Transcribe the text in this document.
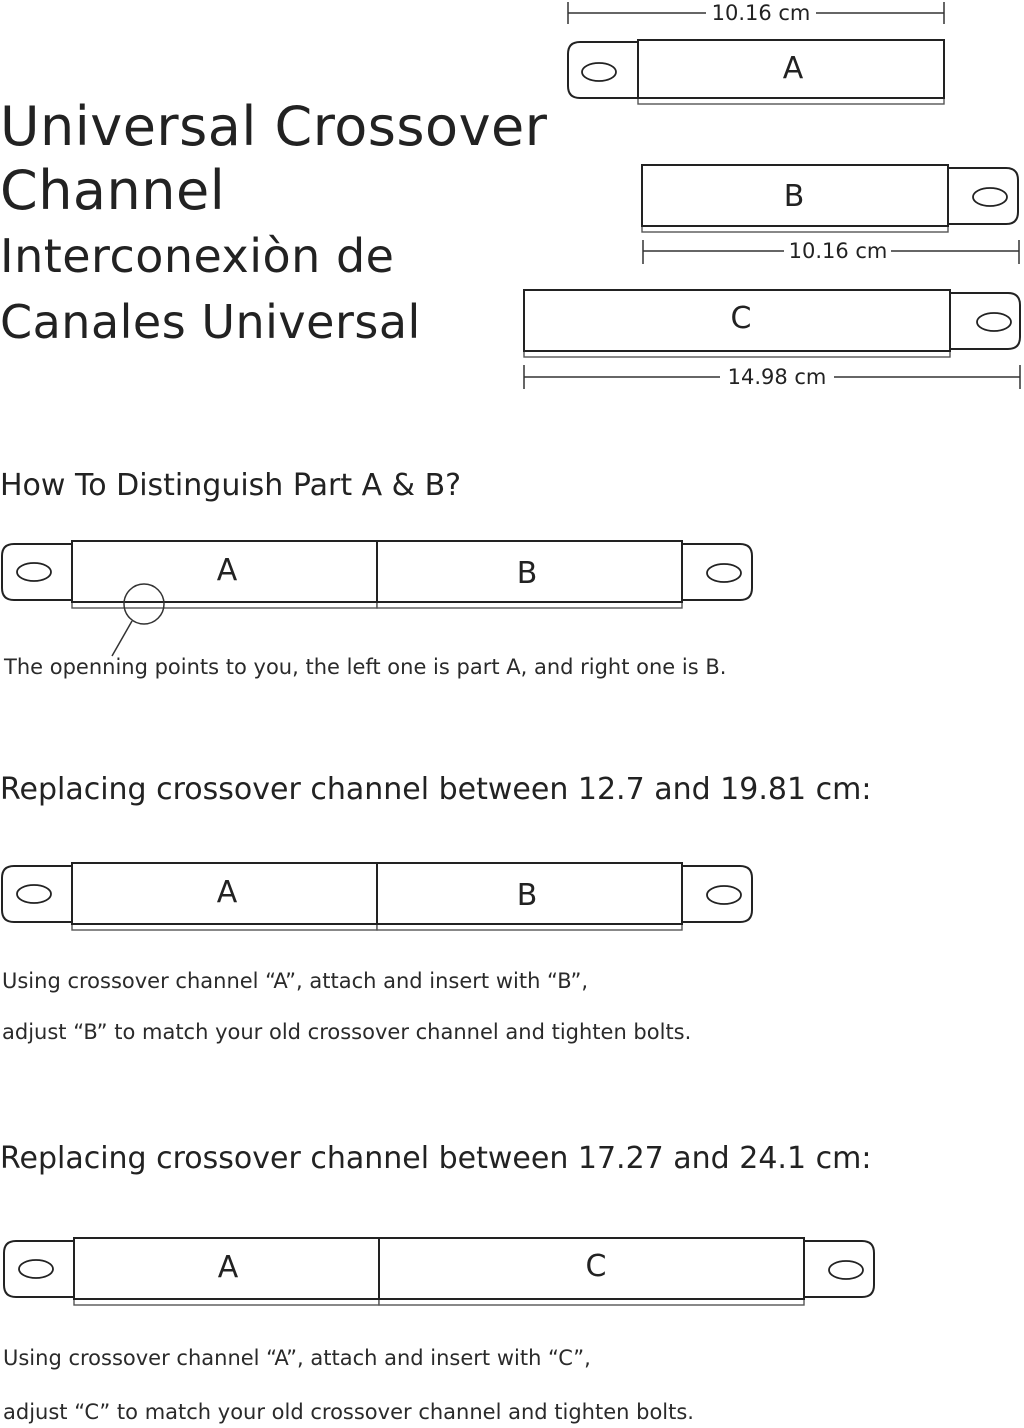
Universal Crossover
Channel
Interconexiòn de
Canales Universal
10.16 cm
A
B
10.16 cm
C
14.98 cm
A	B
A	B
A	C
How To Distinguish Part A & B?
The openning points to you, the left one is part A, and right one is B.
Replacing crossover channel between 12.7 and 19.81 cm:
Using crossover channel “A”, attach and insert with “B”,
adjust “B” to match your old crossover channel and tighten bolts.
Replacing crossover channel between 17.27 and 24.1 cm:
Using crossover channel “A”, attach and insert with “C”,
adjust “C” to match your old crossover channel and tighten bolts.
